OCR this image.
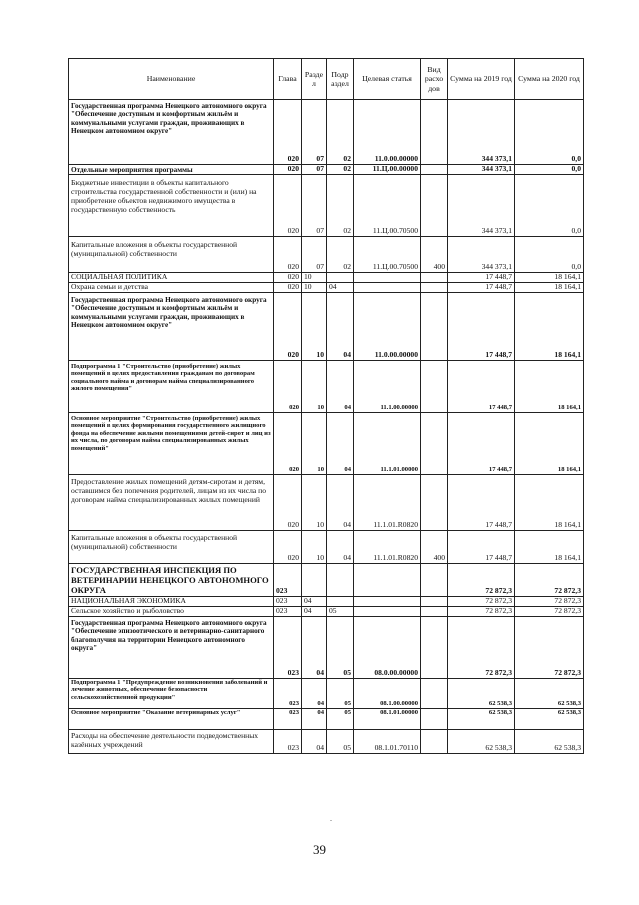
Наименование	Глава	Разде л	Подр аздел	Целевая статья	Вид расхо дов	Сумма на 2019 год	Сумма на 2020 год
Государственная программа Ненецкого автономного округа "Обеспечение доступным и комфортным жильём и коммунальными услугами граждан, проживающих в Ненецком автономном округе"	020	07	02	11.0.00.00000		344 373,1	0,0
Отдельные мероприятия программы	020	07	02	11.Ц.00.00000		344 373,1	0,0
Бюджетные инвестиции в объекты капитального строительства государственной собственности и (или) на приобретение объектов недвижимого имущества в государственную собственность	020	07	02	11.Ц.00.70500		344 373,1	0,0
Капитальные вложения в объекты государственной (муниципальной) собственности	020	07	02	11.Ц.00.70500	400	344 373,1	0,0
СОЦИАЛЬНАЯ ПОЛИТИКА	020	10				17 448,7	18 164,1
Охрана семьи и детства	020	10	04			17 448,7	18 164,1
Государственная программа Ненецкого автономного округа "Обеспечение доступным и комфортным жильём и коммунальными услугами граждан, проживающих в Ненецком автономном округе"	020	10	04	11.0.00.00000		17 448,7	18 164,1
Подпрограмма 1 "Строительство (приобретение) жилых помещений в целях предоставления гражданам по договорам социального найма и договорам найма специализированного жилого помещения"	020	10	04	11.1.00.00000		17 448,7	18 164,1
Основное мероприятие "Строительство (приобретение) жилых помещений в целях формирования государственного жилищного фонда на обеспечение жилыми помещениями детей-сирот и лиц из их числа, по договорам найма специализированных жилых помещений"	020	10	04	11.1.01.00000		17 448,7	18 164,1
Предоставление жилых помещений детям-сиротам и детям, оставшимся без попечения родителей, лицам из их числа по договорам найма специализированных жилых помещений	020	10	04	11.1.01.R0820		17 448,7	18 164,1
Капитальные вложения в объекты государственной (муниципальной) собственности	020	10	04	11.1.01.R0820	400	17 448,7	18 164,1
ГОСУДАРСТВЕННАЯ ИНСПЕКЦИЯ ПО ВЕТЕРИНАРИИ НЕНЕЦКОГО АВТОНОМНОГО ОКРУГА	023					72 872,3	72 872,3
НАЦИОНАЛЬНАЯ ЭКОНОМИКА	023	04				72 872,3	72 872,3
Сельское хозяйство и рыболовство	023	04	05			72 872,3	72 872,3
Государственная программа Ненецкого автономного округа "Обеспечение эпизоотического и ветеринарно-санитарного благополучия на территории Ненецкого автономного округа"	023	04	05	08.0.00.00000		72 872,3	72 872,3
Подпрограмма 1 "Предупреждение возникновения заболеваний и лечение животных, обеспечение безопасности сельскохозяйственной продукции"	023	04	05	08.1.00.00000		62 538,3	62 538,3
Основное мероприятие "Оказание ветеринарных услуг"	023	04	05	08.1.01.00000		62 538,3	62 538,3
Расходы на обеспечение деятельности подведомственных казённых учреждений	023	04	05	08.1.01.70110		62 538,3	62 538,3
39
